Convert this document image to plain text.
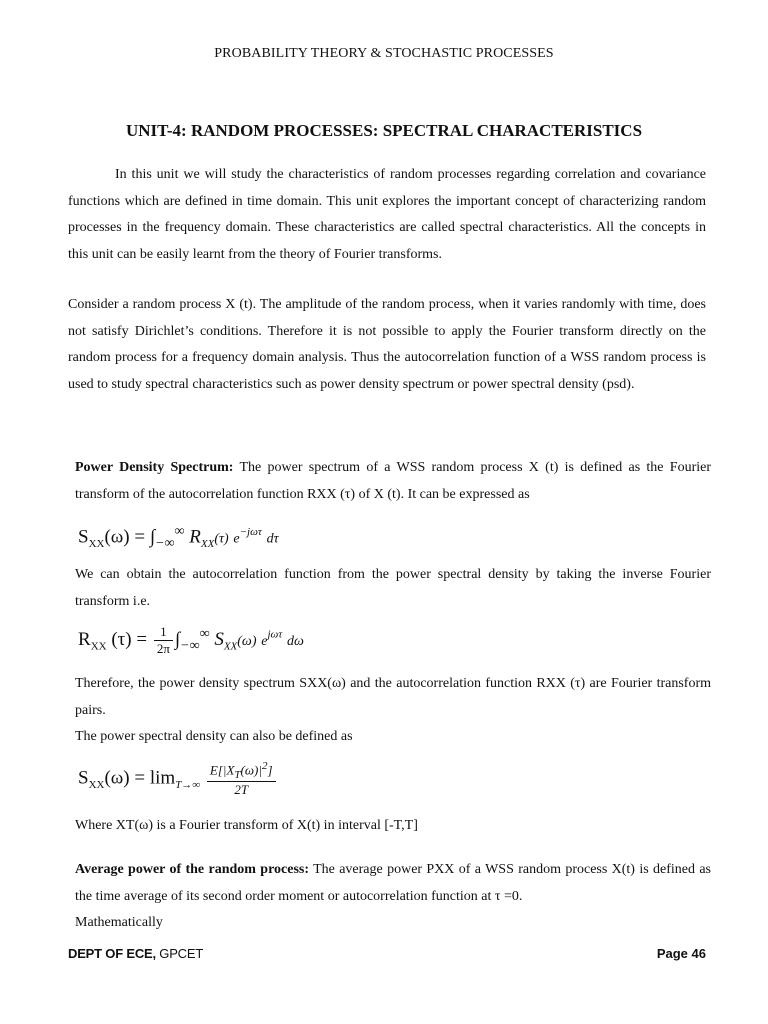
PROBABILITY THEORY & STOCHASTIC PROCESSES
UNIT-4: RANDOM PROCESSES: SPECTRAL CHARACTERISTICS

In this unit we will study the characteristics of random processes regarding correlation and covariance functions which are defined in time domain. This unit explores the important concept of characterizing random processes in the frequency domain. These characteristics are called spectral characteristics. All the concepts in this unit can be easily learnt from the theory of Fourier transforms.

Consider a random process X (t). The amplitude of the random process, when it varies randomly with time, does not satisfy Dirichlet’s conditions. Therefore it is not possible to apply the Fourier transform directly on the random process for a frequency domain analysis. Thus the autocorrelation function of a WSS random process is used to study spectral characteristics such as power density spectrum or power spectral density (psd).

Power Density Spectrum: The power spectrum of a WSS random process X (t) is defined as the Fourier transform of the autocorrelation function RXX (τ) of X (t). It can be expressed as

$S_{XX}(\omega) = \int_{-\infty}^\infty$ $R_{XX}(\tau)$ $e^{-j\omega\tau}$ dτ

We can obtain the autocorrelation function from the power spectral density by taking the inverse Fourier transform i.e.

$R_{XX}$ $(\tau) = \frac{1}{2\pi} \int_{-\infty}^\infty$ $S_{XX}(\omega)$ $e^{j\omega\tau}$ dω

Therefore, the power density spectrum SXX(ω) and the autocorrelation function RXX (τ) are Fourier transform pairs.

The power spectral density can also be defined as

$S_{XX}(\omega) = \lim_{T\to\infty} \frac{E[|X_T(\omega)|^2]}{2T}$

Where XT(ω) is a Fourier transform of X(t) in interval [-T,T]

Average power of the random process: The average power PXX of a WSS random process X(t) is defined as the time average of its second order moment or autocorrelation function at τ =0.

Mathematically

DEPT OF ECE, GPCET	Page 46
